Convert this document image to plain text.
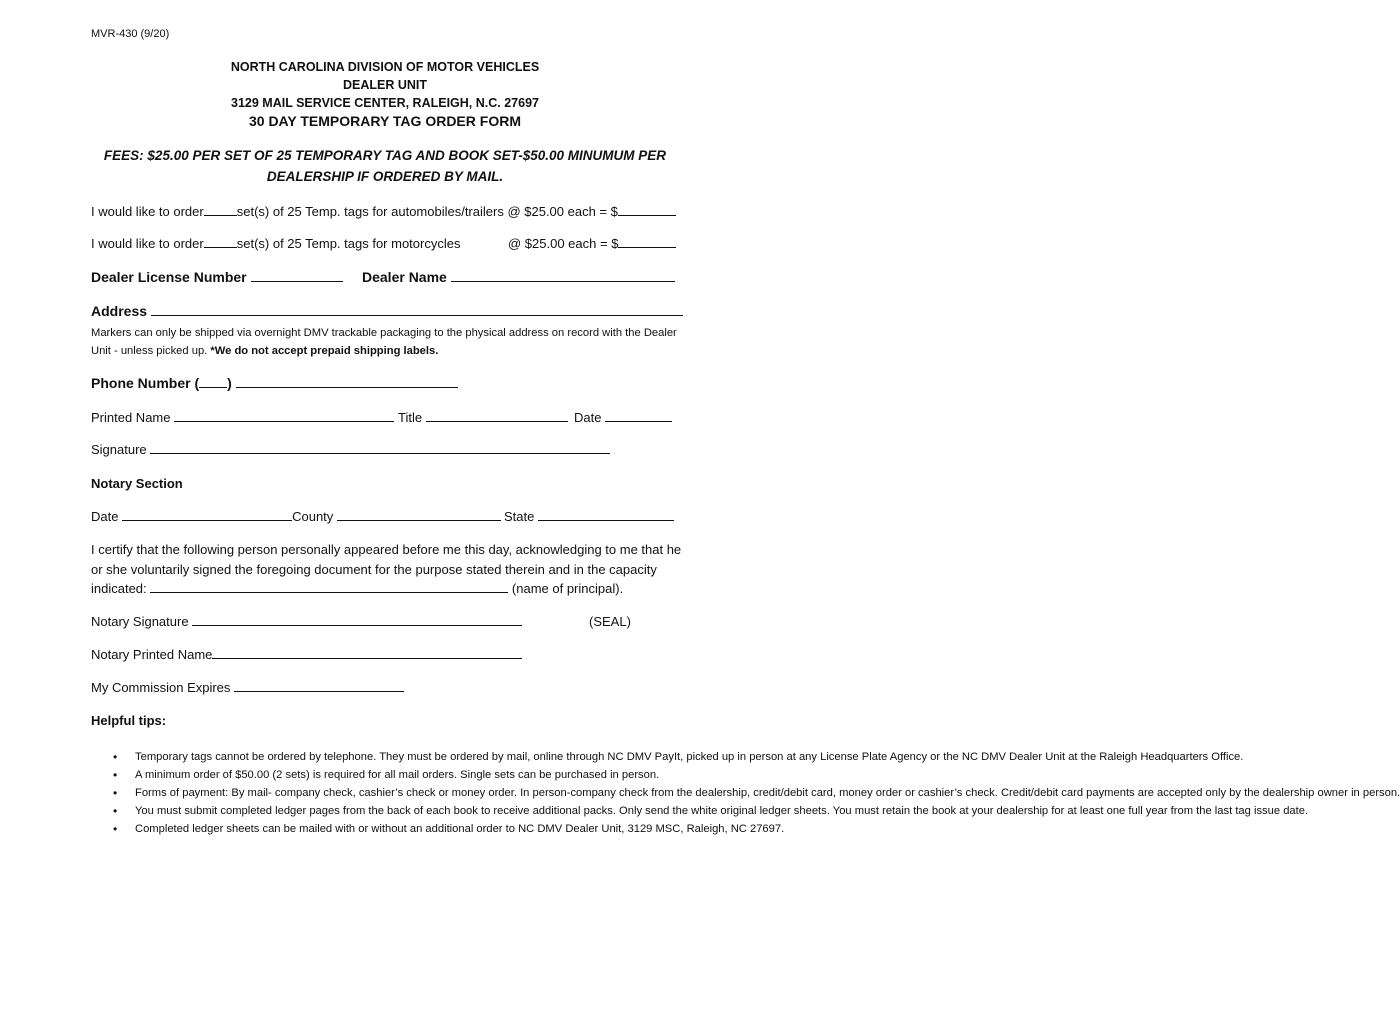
MVR-430 (9/20)
NORTH CAROLINA DIVISION OF MOTOR VEHICLES
DEALER UNIT
3129 MAIL SERVICE CENTER, RALEIGH, N.C. 27697
30 DAY TEMPORARY TAG ORDER FORM
FEES: $25.00 PER SET OF 25 TEMPORARY TAG AND BOOK SET-$50.00 MINUMUM PER
DEALERSHIP IF ORDERED BY MAIL.
I would like to order	set(s) of 25 Temp. tags for automobiles/trailers @ $25.00 each = $
I would like to order	set(s) of 25 Temp. tags for motorcycles	@ $25.00 each = $
Dealer License Number	Dealer Name
Address
Markers can only be shipped via overnight DMV trackable packaging to the physical address on record with the Dealer Unit - unless picked up. *We do not accept prepaid shipping labels.
Phone Number ( )
Printed Name	Title	Date
Signature
Notary Section
Date	County	State
I certify that the following person personally appeared before me this day, acknowledging to me that he or she voluntarily signed the foregoing document for the purpose stated therein and in the capacity
indicated:	(name of principal).
Notary Signature	(SEAL)
Notary Printed Name
My Commission Expires
Helpful tips:
• Temporary tags cannot be ordered by telephone. They must be ordered by mail, online through NC DMV PayIt, picked up in person at any License Plate Agency or the NC DMV Dealer Unit at the Raleigh Headquarters Office.
• A minimum order of $50.00 (2 sets) is required for all mail orders. Single sets can be purchased in person.
• Forms of payment: By mail- company check, cashier’s check or money order. In person-company check from the dealership, credit/debit card, money order or cashier’s check. Credit/debit card payments are accepted only by the dealership owner in person.
• You must submit completed ledger pages from the back of each book to receive additional packs. Only send the white original ledger sheets. You must retain the book at your dealership for at least one full year from the last tag issue date.
• Completed ledger sheets can be mailed with or without an additional order to NC DMV Dealer Unit, 3129 MSC, Raleigh, NC 27697.
